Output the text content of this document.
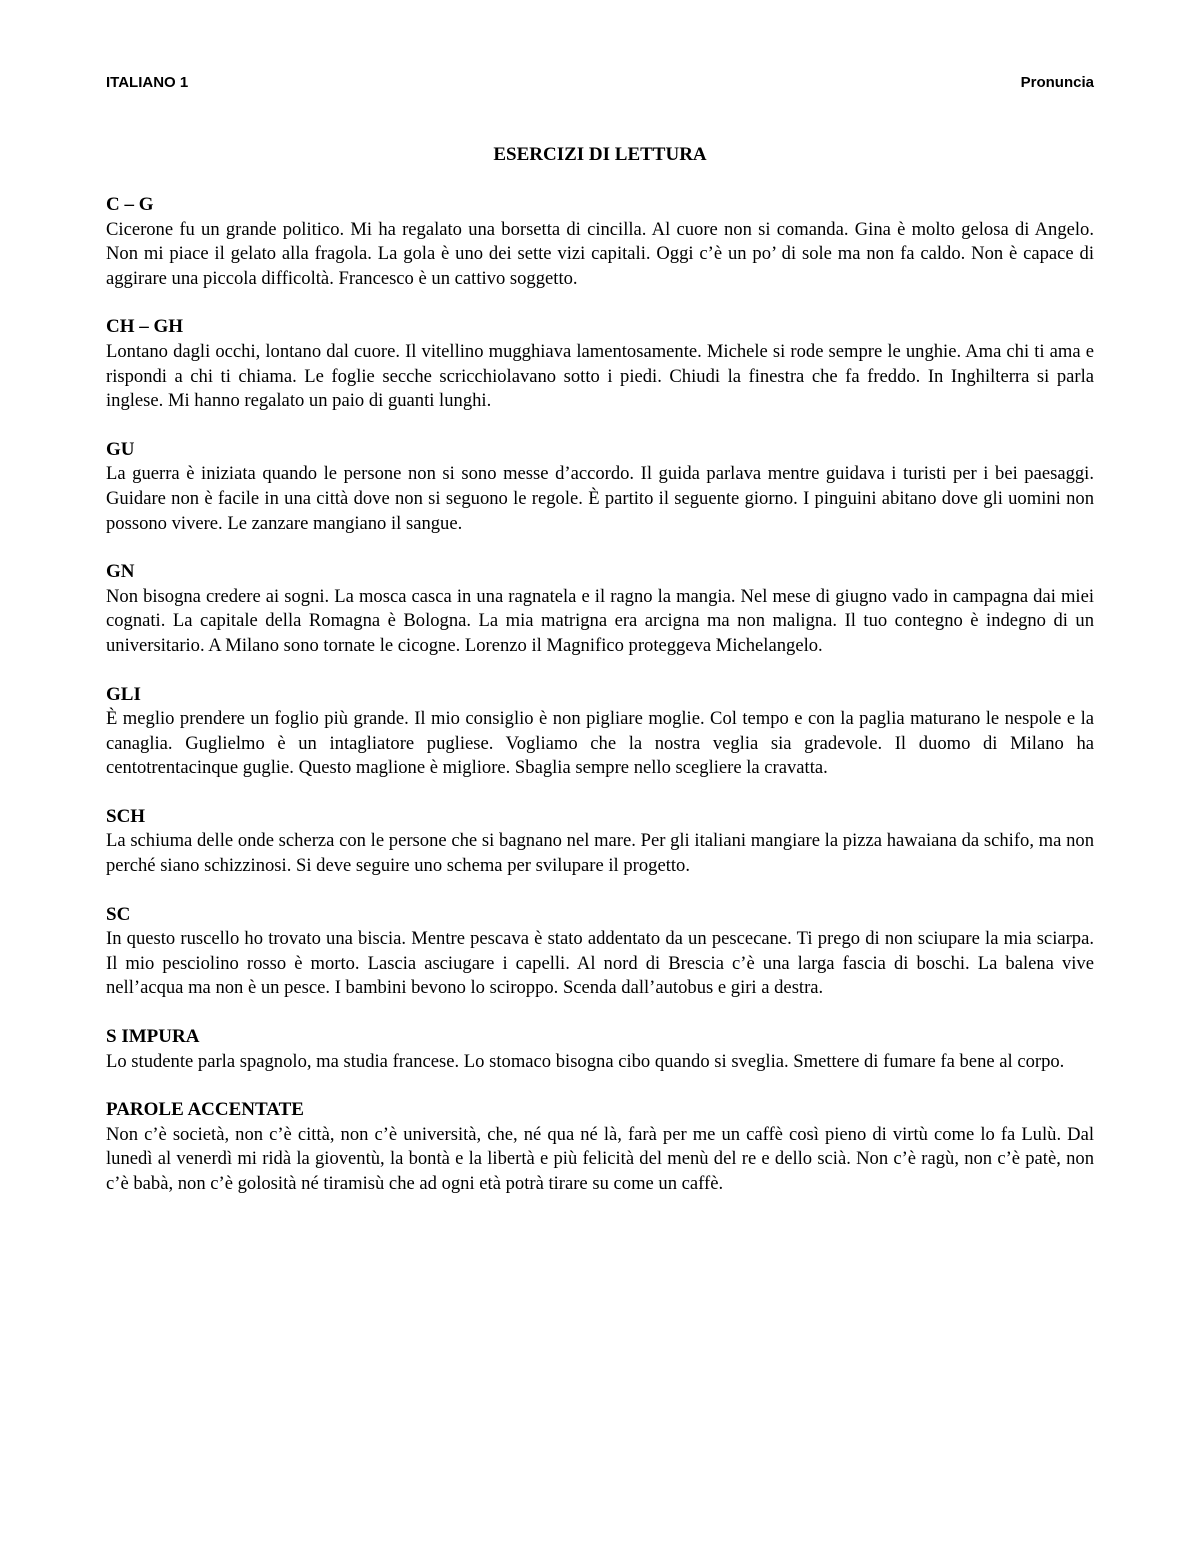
ITALIANO 1	Pronuncia
ESERCIZI DI LETTURA
C – G
Cicerone fu un grande politico. Mi ha regalato una borsetta di cincilla. Al cuore non si comanda. Gina è molto gelosa di Angelo. Non mi piace il gelato alla fragola. La gola è uno dei sette vizi capitali. Oggi c’è un po’ di sole ma non fa caldo. Non è capace di aggirare una piccola difficoltà. Francesco è un cattivo soggetto.
CH – GH
Lontano dagli occhi, lontano dal cuore. Il vitellino mugghiava lamentosamente. Michele si rode sempre le unghie. Ama chi ti ama e rispondi a chi ti chiama. Le foglie secche scricchiolavano sotto i piedi. Chiudi la finestra che fa freddo. In Inghilterra si parla inglese. Mi hanno regalato un paio di guanti lunghi.
GU
La guerra è iniziata quando le persone non si sono messe d’accordo. Il guida parlava mentre guidava i turisti per i bei paesaggi. Guidare non è facile in una città dove non si seguono le regole. È partito il seguente giorno. I pinguini abitano dove gli uomini non possono vivere. Le zanzare mangiano il sangue.
GN
Non bisogna credere ai sogni. La mosca casca in una ragnatela e il ragno la mangia. Nel mese di giugno vado in campagna dai miei cognati. La capitale della Romagna è Bologna. La mia matrigna era arcigna ma non maligna. Il tuo contegno è indegno di un universitario. A Milano sono tornate le cicogne. Lorenzo il Magnifico proteggeva Michelangelo.
GLI
È meglio prendere un foglio più grande. Il mio consiglio è non pigliare moglie. Col tempo e con la paglia maturano le nespole e la canaglia. Guglielmo è un intagliatore pugliese. Vogliamo che la nostra veglia sia gradevole. Il duomo di Milano ha centotrentacinque guglie. Questo maglione è migliore. Sbaglia sempre nello scegliere la cravatta.
SCH
La schiuma delle onde scherza con le persone che si bagnano nel mare. Per gli italiani mangiare la pizza hawaiana da schifo, ma non perché siano schizzinosi. Si deve seguire uno schema per svilupare il progetto.
SC
In questo ruscello ho trovato una biscia. Mentre pescava è stato addentato da un pescecane. Ti prego di non sciupare la mia sciarpa. Il mio pesciolino rosso è morto. Lascia asciugare i capelli. Al nord di Brescia c’è una larga fascia di boschi. La balena vive nell’acqua ma non è un pesce. I bambini bevono lo sciroppo. Scenda dall’autobus e giri a destra.
S IMPURA
Lo studente parla spagnolo, ma studia francese. Lo stomaco bisogna cibo quando si sveglia. Smettere di fumare fa bene al corpo.
PAROLE ACCENTATE
Non c’è società, non c’è città, non c’è università, che, né qua né là, farà per me un caffè così pieno di virtù come lo fa Lulù. Dal lunedì al venerdì mi ridà la gioventù, la bontà e la libertà e più felicità del menù del re e dello scià. Non c’è ragù, non c’è patè, non c’è babà, non c’è golosità né tiramisù che ad ogni età potrà tirare su come un caffè.
